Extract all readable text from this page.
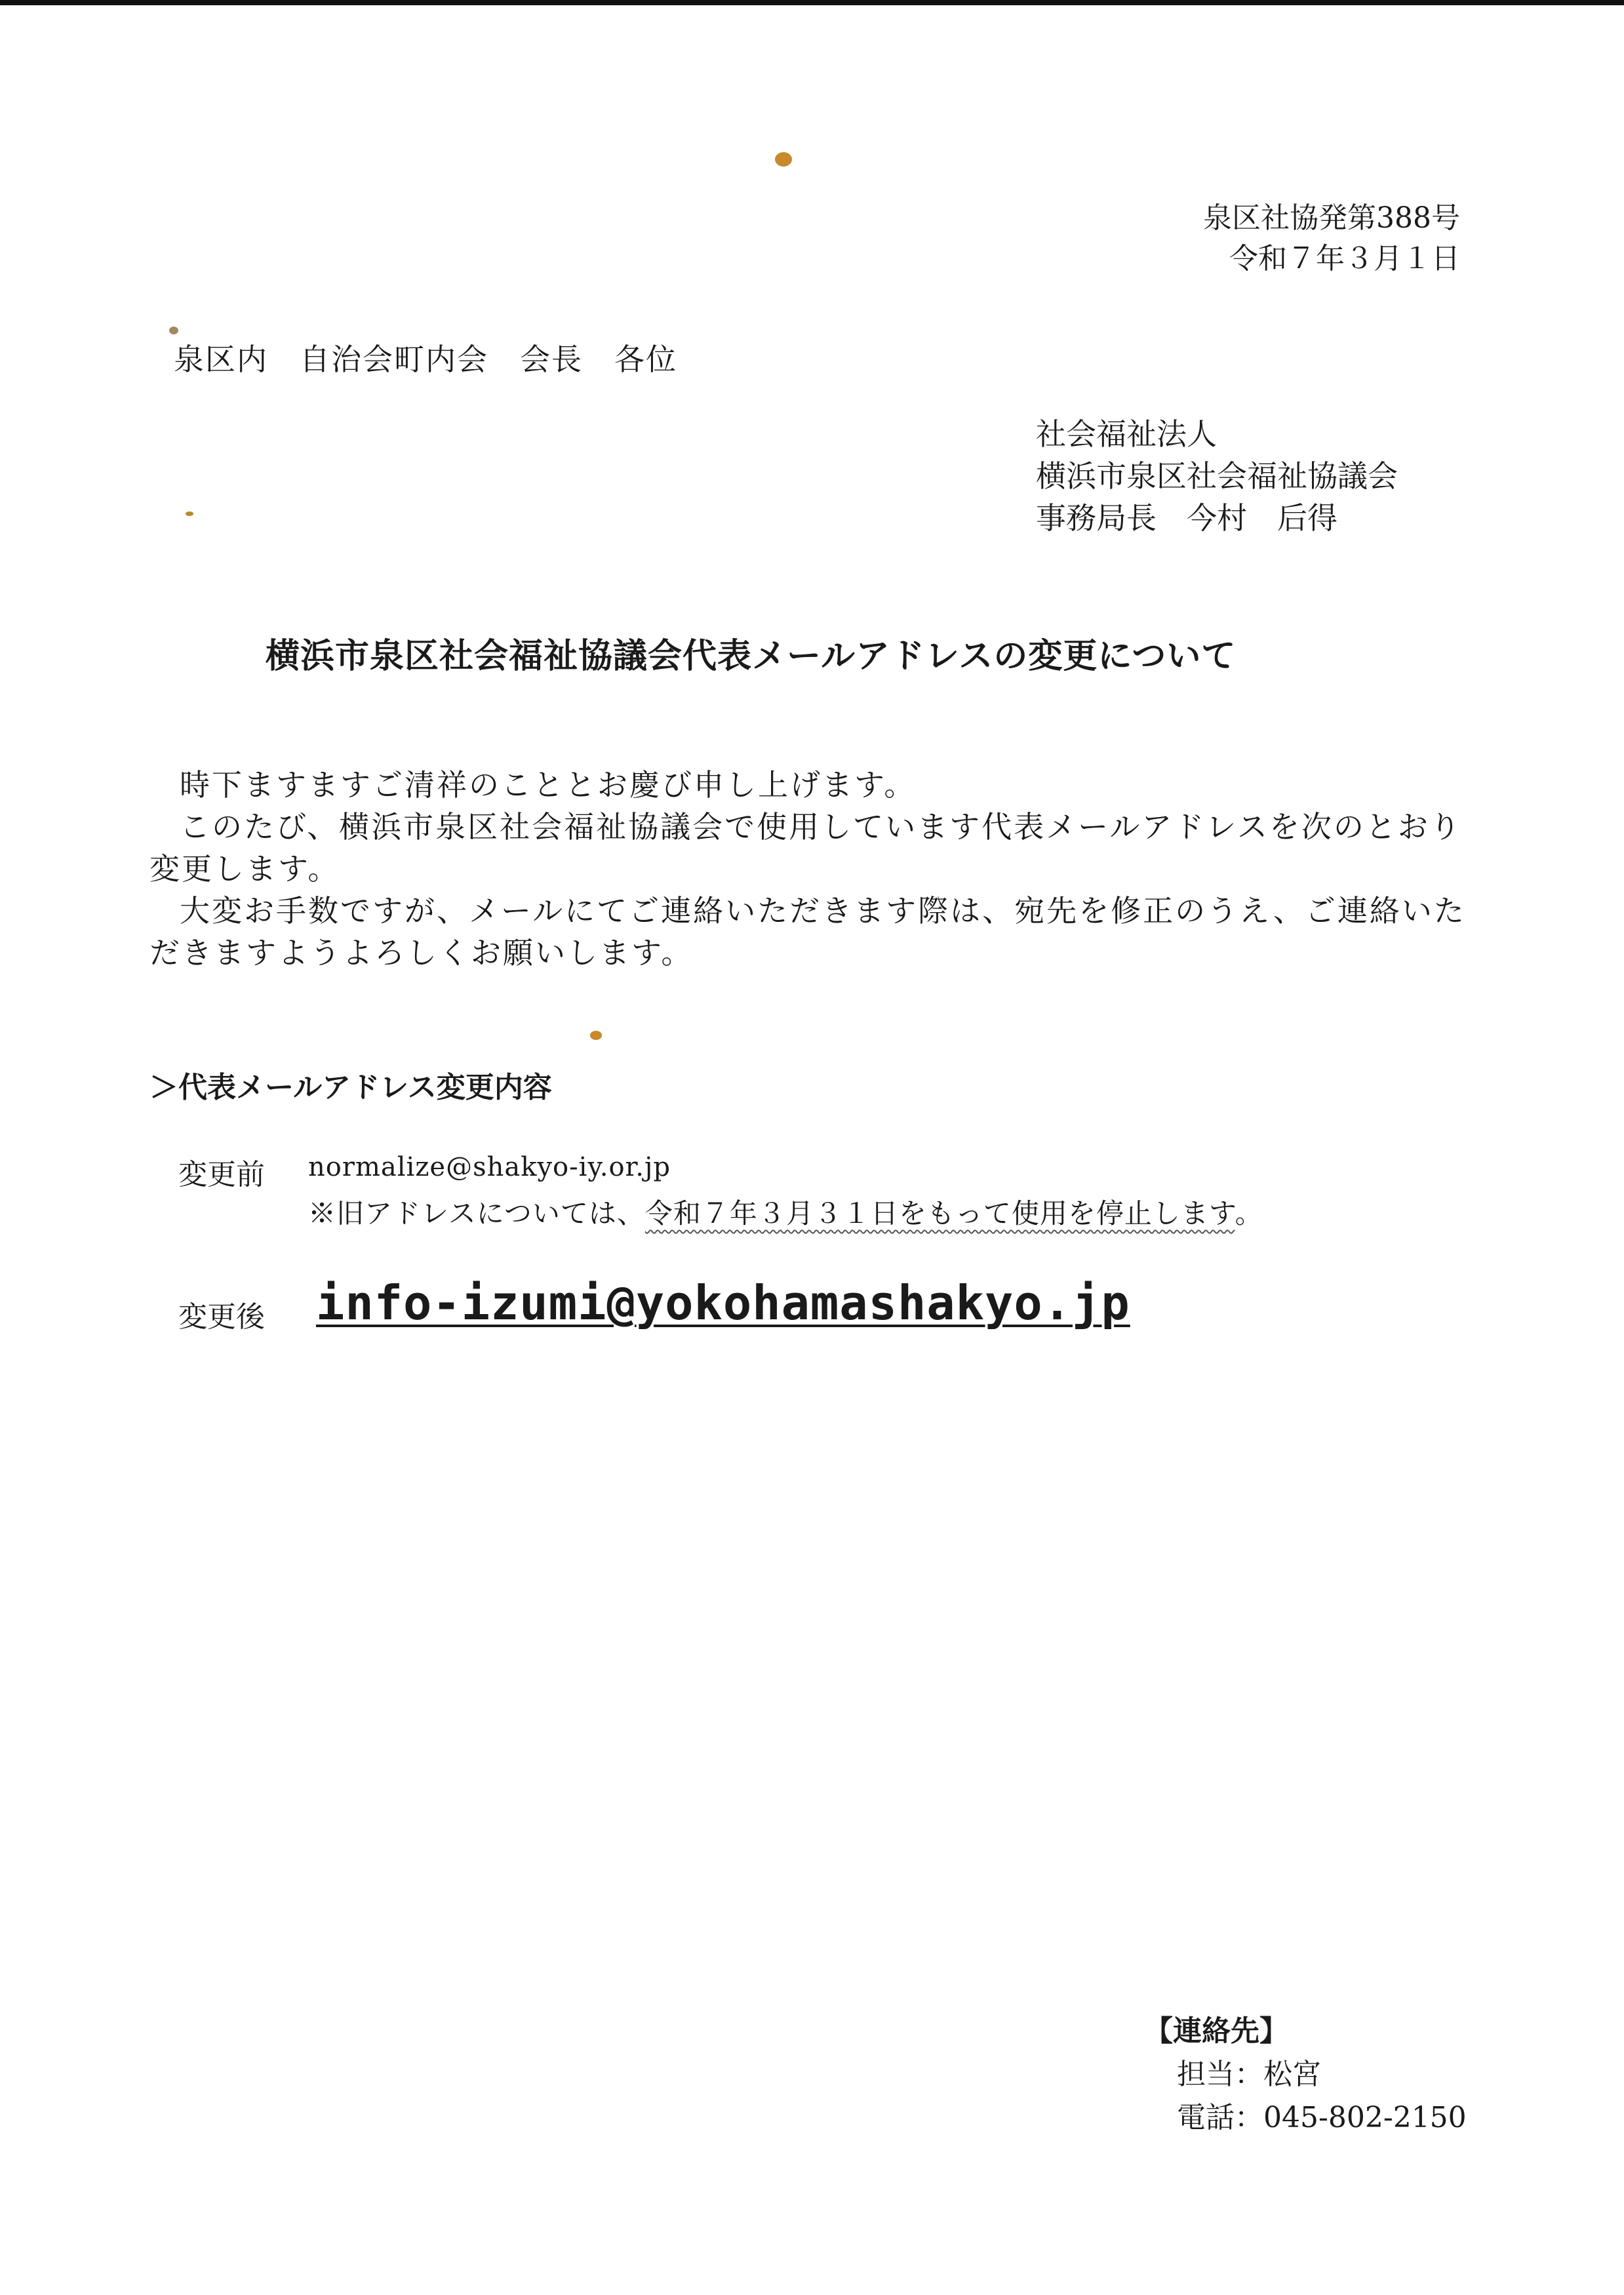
泉区社協発第388号
令和７年３月１日
泉区内　自治会町内会　会長　各位
社会福祉法人
横浜市泉区社会福祉協議会
事務局長　今村　后得
横浜市泉区社会福祉協議会代表メールアドレスの変更について
時下ますますご清祥のこととお慶び申し上げます。
このたび、横浜市泉区社会福祉協議会で使用しています代表メールアドレスを次のとおり変更します。
大変お手数ですが、メールにてご連絡いただきます際は、宛先を修正のうえ、ご連絡いただきますようよろしくお願いします。
＞代表メールアドレス変更内容
変更前 normalize@shakyo-iy.or.jp
※旧アドレスについては、令和７年３月３１日をもって使用を停止します。
変更後 info-izumi@yokohamashakyo.jp
【連絡先】
担当：松宮
電話：045-802-2150
